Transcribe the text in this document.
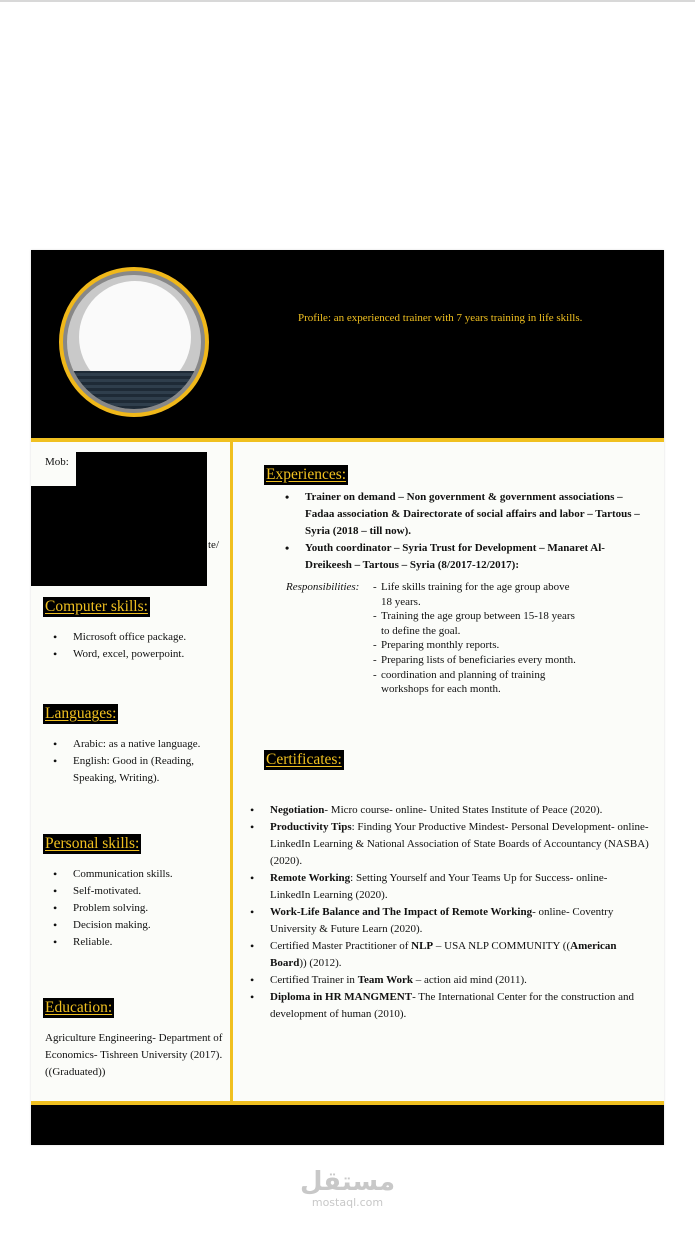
Profile: an experienced trainer with 7 years training in life skills.
Mob:
te/
Computer skills:
• Microsoft office package.
• Word, excel, powerpoint.
Languages:
• Arabic: as a native language.
• English: Good in (Reading, Speaking, Writing).
Personal skills:
• Communication skills.
• Self-motivated.
• Problem solving.
• Decision making.
• Reliable.
Education:
Agriculture Engineering- Department of Economics- Tishreen University (2017). ((Graduated))
Experiences:
• Trainer on demand – Non government & government associations – Fadaa association & Dairectorate of social affairs and labor – Tartous – Syria (2018 – till now).
• Youth coordinator – Syria Trust for Development – Manaret Al-Dreikeesh – Tartous – Syria (8/2017-12/2017):
Responsibilities:	- Life skills training for the age group above 18 years.
- Training the age group between 15-18 years to define the goal.
- Preparing monthly reports.
- Preparing lists of beneficiaries every month.
- coordination and planning of training workshops for each month.
Certificates:
• Negotiation- Micro course- online- United States Institute of Peace (2020).
• Productivity Tips: Finding Your Productive Mindest- Personal Development- online- LinkedIn Learning & National Association of State Boards of Accountancy (NASBA) (2020).
• Remote Working: Setting Yourself and Your Teams Up for Success- online- LinkedIn Learning (2020).
• Work-Life Balance and The Impact of Remote Working- online- Coventry University & Future Learn (2020).
• Certified Master Practitioner of NLP – USA NLP COMMUNITY ((American Board)) (2012).
• Certified Trainer in Team Work – action aid mind (2011).
• Diploma in HR MANGMENT- The International Center for the construction and development of human (2010).
مستقل
mostaql.com
